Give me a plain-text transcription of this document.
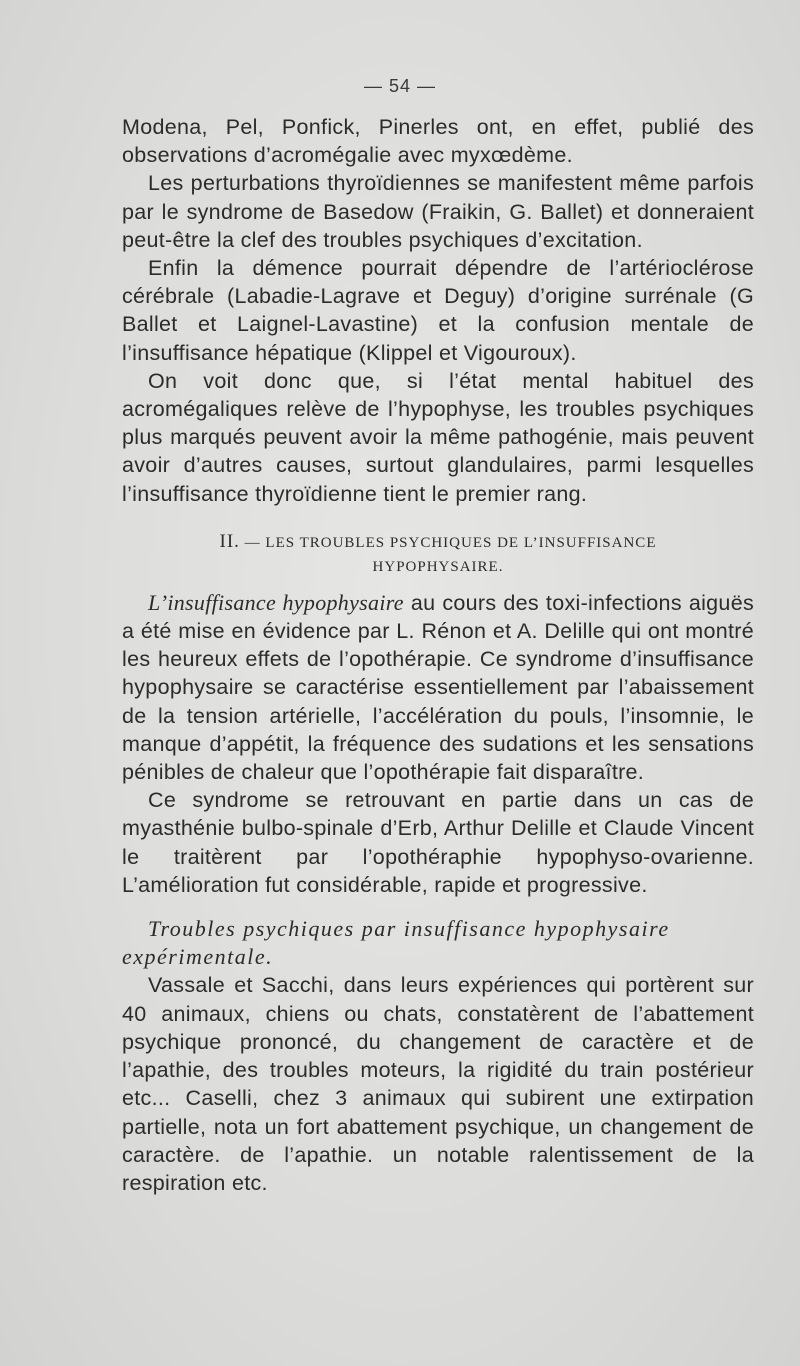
— 54 —

Modena, Pel, Ponfick, Pinerles ont, en effet, publié des observations d’acromégalie avec myxœdème.

Les perturbations thyroïdiennes se manifestent même parfois par le syndrome de Basedow (Fraikin, G. Ballet) et donneraient peut-être la clef des troubles psychiques d’excitation.

Enfin la démence pourrait dépendre de l’artérioclérose cérébrale (Labadie-Lagrave et Deguy) d’origine surrénale (G Ballet et Laignel-Lavastine) et la confusion mentale de l’insuffisance hépatique (Klippel et Vigouroux).

On voit donc que, si l’état mental habituel des acromégaliques relève de l’hypophyse, les troubles psychiques plus marqués peuvent avoir la même pathogénie, mais peuvent avoir d’autres causes, surtout glandulaires, parmi lesquelles l’insuffisance thyroïdienne tient le premier rang.

II. — LES TROUBLES PSYCHIQUES DE L’INSUFFISANCE
HYPOPHYSAIRE.

L’insuffisance hypophysaire au cours des toxi-infections aiguës a été mise en évidence par L. Rénon et A. Delille qui ont montré les heureux effets de l’opothérapie. Ce syndrome d’insuffisance hypophysaire se caractérise essentiellement par l’abaissement de la tension artérielle, l’accélération du pouls, l’insomnie, le manque d’appétit, la fréquence des sudations et les sensations pénibles de chaleur que l’opothérapie fait disparaître.

Ce syndrome se retrouvant en partie dans un cas de myasthénie bulbo-spinale d’Erb, Arthur Delille et Claude Vincent le traitèrent par l’opothéraphie hypophyso-ovarienne. L’amélioration fut considérable, rapide et progressive.

Troubles psychiques par insuffisance hypophysaire expérimentale.

Vassale et Sacchi, dans leurs expériences qui portèrent sur 40 animaux, chiens ou chats, constatèrent de l’abattement psychique prononcé, du changement de caractère et de l’apathie, des troubles moteurs, la rigidité du train postérieur etc... Caselli, chez 3 animaux qui subirent une extirpation partielle, nota un fort abattement psychique, un changement de caractère. de l’apathie. un notable ralentissement de la respiration etc.
